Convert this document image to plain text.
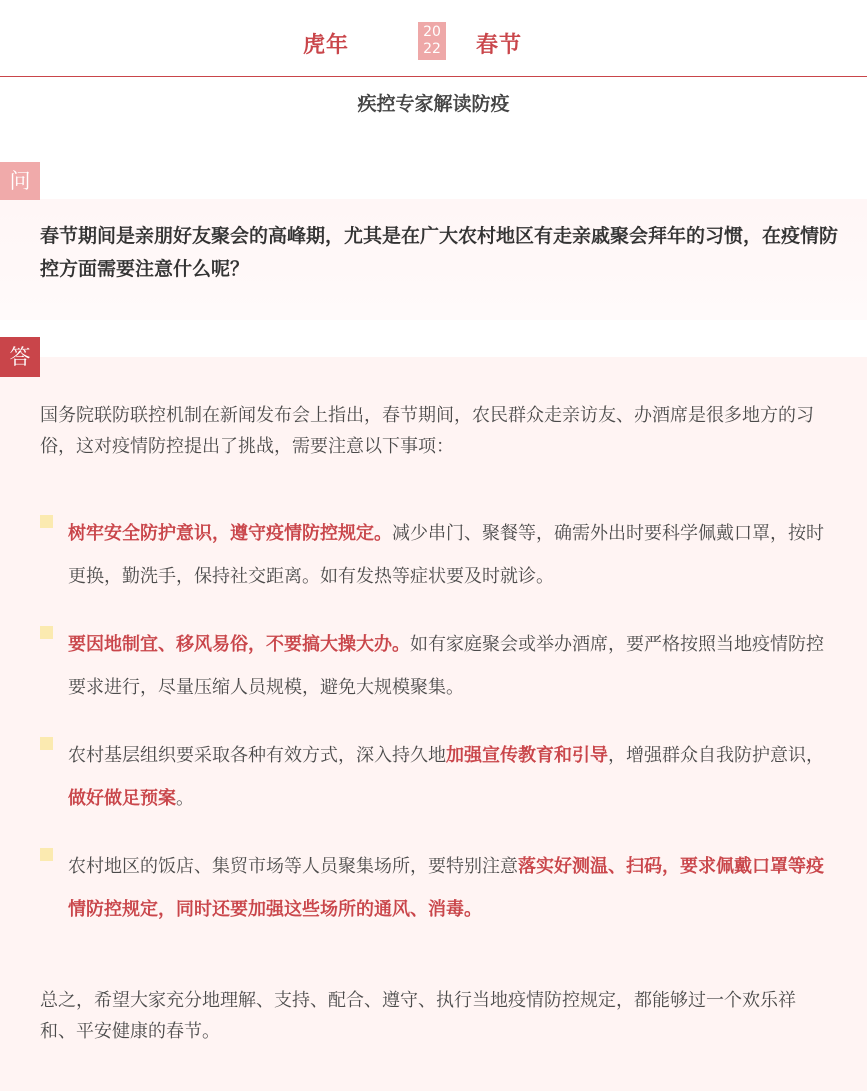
虎年
20
22 春节
疾控专家解读防疫
问
春节期间是亲朋好友聚会的高峰期，尤其是在广大农村地区有走亲戚聚会拜年的习惯，在疫情防控方面需要注意什么呢？
答
国务院联防联控机制在新闻发布会上指出，春节期间，农民群众走亲访友、办酒席是很多地方的习俗，这对疫情防控提出了挑战，需要注意以下事项：
树牢安全防护意识，遵守疫情防控规定。减少串门、聚餐等，确需外出时要科学佩戴口罩，按时更换，勤洗手，保持社交距离。如有发热等症状要及时就诊。
要因地制宜、移风易俗，不要搞大操大办。如有家庭聚会或举办酒席，要严格按照当地疫情防控要求进行，尽量压缩人员规模，避免大规模聚集。
农村基层组织要采取各种有效方式，深入持久地加强宣传教育和引导，增强群众自我防护意识，做好做足预案。
农村地区的饭店、集贸市场等人员聚集场所，要特别注意落实好测温、扫码，要求佩戴口罩等疫情防控规定，同时还要加强这些场所的通风、消毒。
总之，希望大家充分地理解、支持、配合、遵守、执行当地疫情防控规定，都能够过一个欢乐祥和、平安健康的春节。
